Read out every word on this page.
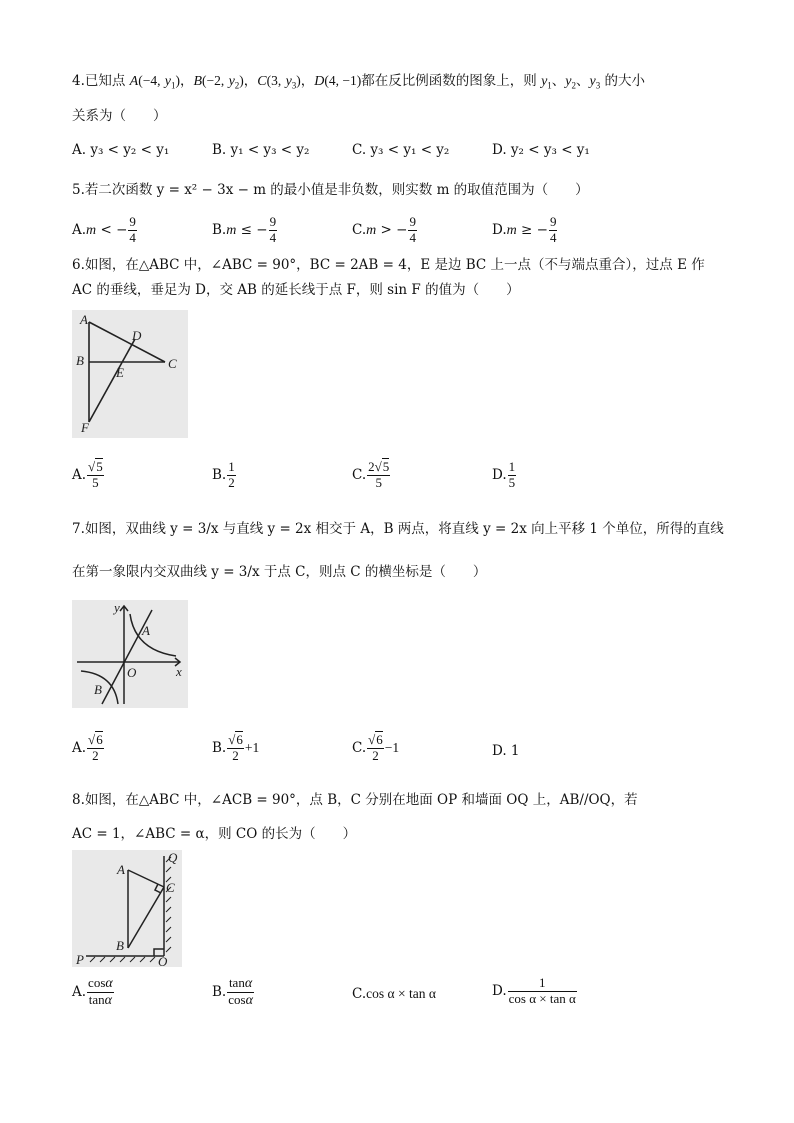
4.已知点 A(−4, $y_1$)，B(−2, $y_2$)，C(3, $y_3$)，D(4, −1)都在反比例函数的图象上，则 $y_1$、$y_2$、$y_3$ 的大小
关系为（　　）
A. y₃ < y₂ < y₁	B. y₁ < y₃ < y₂	C. y₃ < y₁ < y₂	D. y₂ < y₃ < y₁
5.若二次函数 y = x² − 3x − m 的最小值是非负数，则实数 m 的取值范围为（　　）
A.m < − $\frac{9}{4}$	B.m ≤ − $\frac{9}{4}$	C.m > − $\frac{9}{4}$	D.m ≥ − $\frac{9}{4}$
6.如图，在△ABC 中，∠ABC = 90°，BC = 2AB = 4，E 是边 BC 上一点（不与端点重合），过点 E 作
AC 的垂线，垂足为 D，交 AB 的延长线于点 F，则 sin F 的值为（　　）
A
D
B
E
C
F
A. $\frac{√5}{5}$	B. $\frac{1}{2}$	C. $\frac{2√5}{5}$	D. $\frac{1}{5}$
7.如图，双曲线 y = 3/x 与直线 y = 2x 相交于 A，B 两点，将直线 y = 2x 向上平移 1 个单位，所得的直线
在第一象限内交双曲线 y = 3/x 于点 C，则点 C 的横坐标是（　　）
y
A
O	x
B
A. $\frac{√6}{2}$	B. $\frac{√6}{2} +1$	C. $\frac{√6}{2} -1$	D. 1
8.如图，在△ABC 中，∠ACB = 90°，点 B，C 分别在地面 OP 和墙面 OQ 上，AB//OQ，若
AC = 1，∠ABC = α，则 CO 的长为（　　）
Q
A
C
B
P	O
A. $\frac{\cos\alpha}{\tan\alpha}$	B. $\frac{\tan\alpha}{\cos\alpha}$	C.cos α × tan α	D. $\frac{1}{\text{cos α × tan α}}$
